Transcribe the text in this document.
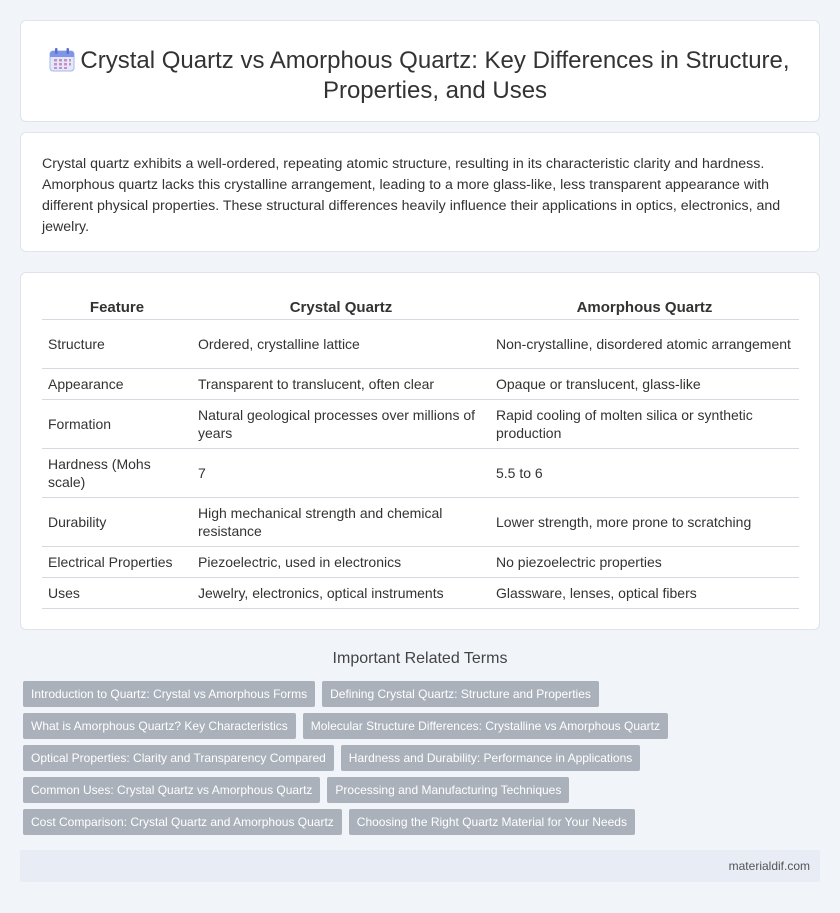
Crystal Quartz vs Amorphous Quartz: Key Differences in Structure, Properties, and Uses

Crystal quartz exhibits a well-ordered, repeating atomic structure, resulting in its characteristic clarity and hardness. Amorphous quartz lacks this crystalline arrangement, leading to a more glass-like, less transparent appearance with different physical properties. These structural differences heavily influence their applications in optics, electronics, and jewelry.

Feature	Crystal Quartz	Amorphous Quartz
Structure	Ordered, crystalline lattice	Non-crystalline, disordered atomic arrangement
Appearance	Transparent to translucent, often clear	Opaque or translucent, glass-like
Formation	Natural geological processes over millions of years	Rapid cooling of molten silica or synthetic production
Hardness (Mohs scale)	7	5.5 to 6
Durability	High mechanical strength and chemical resistance	Lower strength, more prone to scratching
Electrical Properties	Piezoelectric, used in electronics	No piezoelectric properties
Uses	Jewelry, electronics, optical instruments	Glassware, lenses, optical fibers
Important Related Terms
Introduction to Quartz: Crystal vs Amorphous Forms	Defining Crystal Quartz: Structure and Properties
What is Amorphous Quartz? Key Characteristics	Molecular Structure Differences: Crystalline vs Amorphous Quartz
Optical Properties: Clarity and Transparency Compared	Hardness and Durability: Performance in Applications
Common Uses: Crystal Quartz vs Amorphous Quartz	Processing and Manufacturing Techniques
Cost Comparison: Crystal Quartz and Amorphous Quartz	Choosing the Right Quartz Material for Your Needs
materialdif.com
